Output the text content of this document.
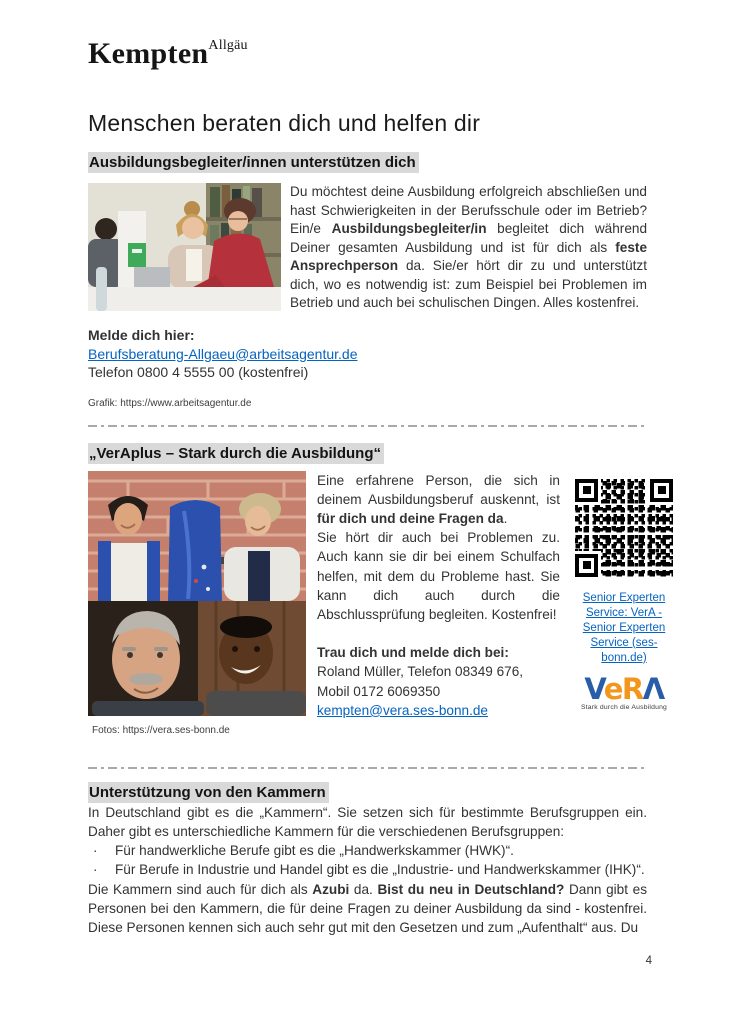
KemptenAllgäu
Menschen beraten dich und helfen dir
Ausbildungsbegleiter/innen unterstützen dich
Du möchtest deine Ausbildung erfolgreich abschließen und hast Schwierigkeiten in der Berufsschule oder im Betrieb? Ein/e Ausbildungsbegleiter/in begleitet dich während Deiner gesamten Ausbildung und ist für dich als feste Ansprechperson da. Sie/er hört dir zu und unterstützt dich, wo es notwendig ist: zum Beispiel bei Problemen im Betrieb und auch bei schulischen Dingen. Alles kostenfrei.
Melde dich hier:
Berufsberatung-Allgaeu@arbeitsagentur.de
Telefon 0800 4 5555 00 (kostenfrei)
Grafik: https://www.arbeitsagentur.de
„VerAplus – Stark durch die Ausbildung“
Fotos: https://vera.ses-bonn.de

Eine erfahrene Person, die sich in deinem Ausbildungsberuf auskennt, ist für dich und deine Fragen da.

Sie hört dir auch bei Problemen zu. Auch kann sie dir bei einem Schulfach helfen, mit dem du Probleme hast. Sie kann dich auch durch die Abschlussprüfung begleiten. Kostenfrei!

Trau dich und melde dich bei:
Roland Müller, Telefon 08349 676,
Mobil 0172 6069350
kempten@vera.ses-bonn.de
Senior Experten Service: VerA - Senior Experten Service (ses-bonn.de)
VeRΛ
Stark durch die Ausbildung
Unterstützung von den Kammern

In Deutschland gibt es die „Kammern“. Sie setzen sich für bestimmte Berufsgruppen ein. Daher gibt es unterschiedliche Kammern für die verschiedenen Berufsgruppen:

· Für handwerkliche Berufe gibt es die „Handwerkskammer (HWK)“.
· Für Berufe in Industrie und Handel gibt es die „Industrie- und Handwerkskammer (IHK)“.

Die Kammern sind auch für dich als Azubi da. Bist du neu in Deutschland? Dann gibt es Personen bei den Kammern, die für deine Fragen zu deiner Ausbildung da sind - kostenfrei. Diese Personen kennen sich auch sehr gut mit den Gesetzen und zum „Aufenthalt“ aus. Du

4
